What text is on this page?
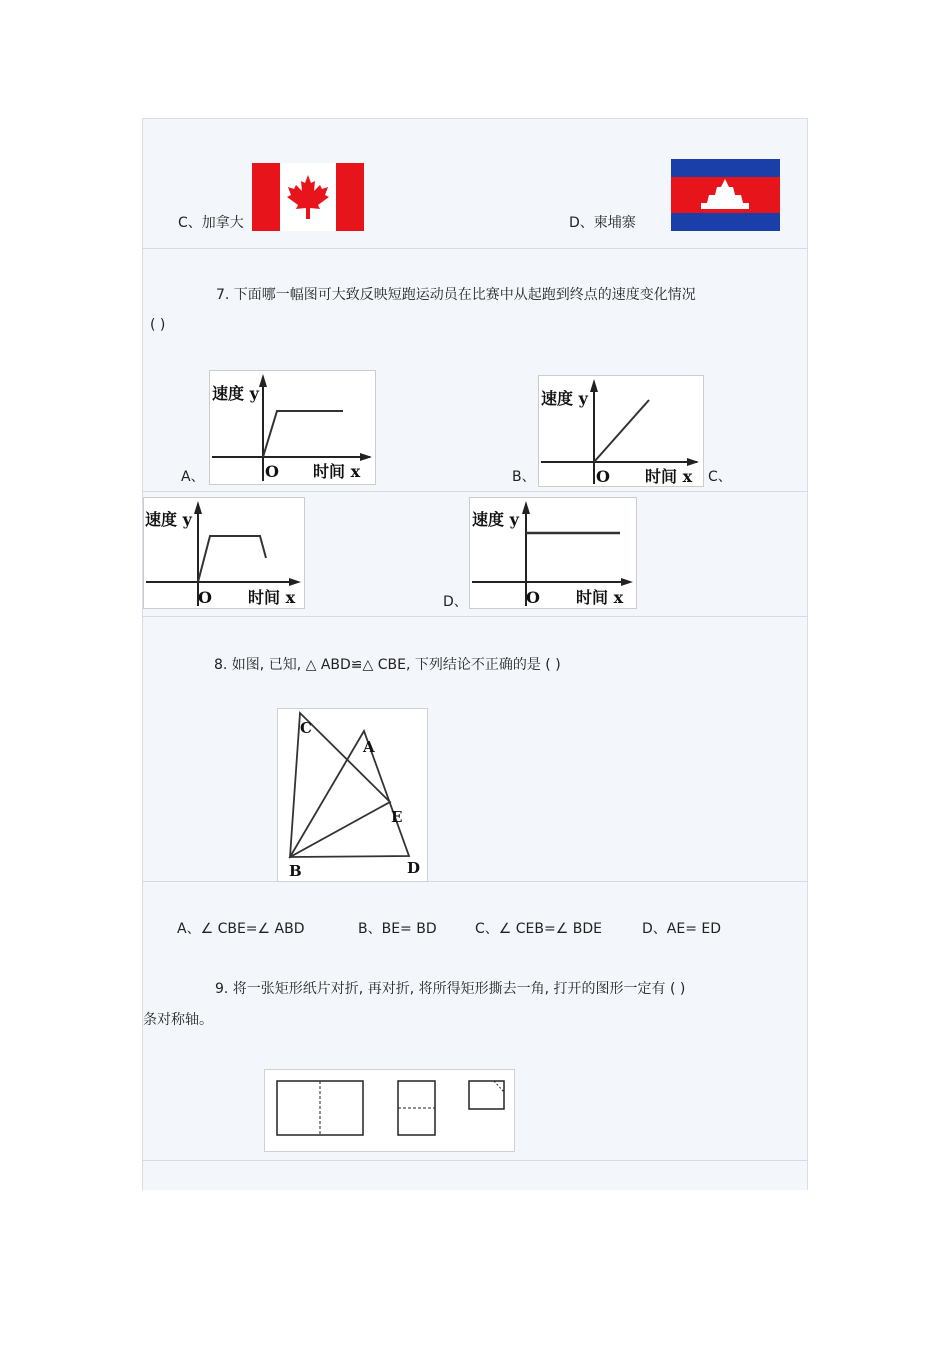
C、加拿大	D、柬埔寨
7. 下面哪一幅图可大致反映短跑运动员在比赛中从起跑到终点的速度变化情况
( )
A、
速度 y
时间 x
O	B、
速度 y
时间 x
O	C、
速度 y
时间 x
O	D、
速度 y
时间 x
O
8. 如图, 已知, △ ABD≌△ CBE, 下列结论不正确的是 ( )
C
A
E
B	D
A、∠ CBE=∠ ABD	B、BE= BD	C、∠ CEB=∠ BDE	D、AE= ED
9. 将一张矩形纸片对折, 再对折, 将所得矩形撕去一角, 打开的图形一定有 ( )
条对称轴。
